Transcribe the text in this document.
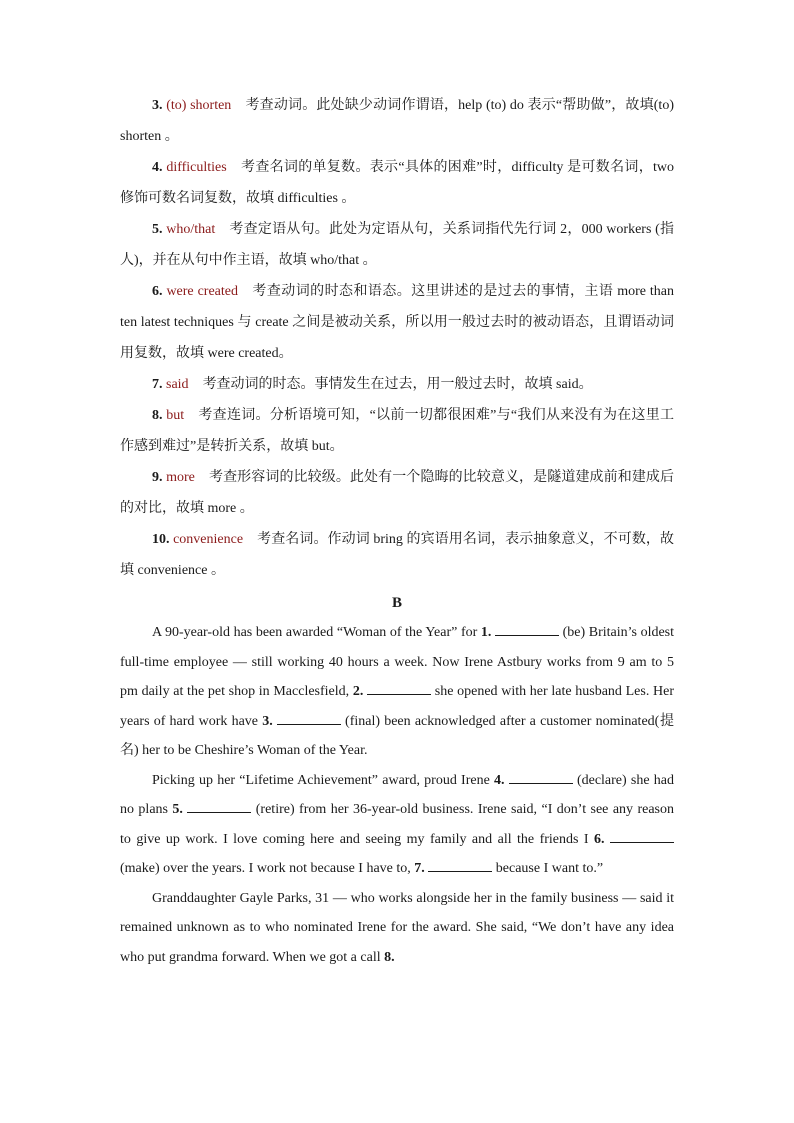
3. (to) shorten 考查动词。此处缺少动词作谓语，help (to) do 表示“帮助做”，故填(to) shorten 。

4. difficulties 考查名词的单复数。表示“具体的困难”时，difficulty 是可数名词，two 修饰可数名词复数，故填 difficulties 。

5. who/that 考查定语从句。此处为定语从句，关系词指代先行词 2，000 workers (指人)，并在从句中作主语，故填 who/that 。

6. were created 考查动词的时态和语态。这里讲述的是过去的事情，主语 more than ten latest techniques 与 create 之间是被动关系，所以用一般过去时的被动语态，且谓语动词用复数，故填 were created。

7. said 考查动词的时态。事情发生在过去，用一般过去时，故填 said。

8. but 考查连词。分析语境可知，“以前一切都很困难”与“我们从来没有为在这里工作感到难过”是转折关系，故填 but。

9. more 考查形容词的比较级。此处有一个隐晦的比较意义，是隧道建成前和建成后的对比，故填 more 。

10. convenience 考查名词。作动词 bring 的宾语用名词，表示抽象意义，不可数，故填 convenience 。

B

A 90-year-old has been awarded “Woman of the Year” for 1.	(be) Britain’s oldest full-time employee — still working 40 hours a week. Now Irene Astbury works from 9 am to 5 pm daily at the pet shop in Macclesfield, 2.	she opened with her late husband Les. Her years of hard work have 3.	(final) been acknowledged after a customer nominated(提名) her to be Cheshire’s Woman of the Year.

Picking up her “Lifetime Achievement” award, proud Irene 4.	(declare) she had no plans 5.	(retire) from her 36-year-old business. Irene said, “I don’t see any reason to give up work. I love coming here and seeing my family and all the friends I 6.  (make) over the years. I work not because I have to, 7.	because I want to.”

Granddaughter Gayle Parks, 31 — who works alongside her in the family business — said it remained unknown as to who nominated Irene for the award. She said, “We don’t have any idea who put grandma forward. When we got a call 8.
